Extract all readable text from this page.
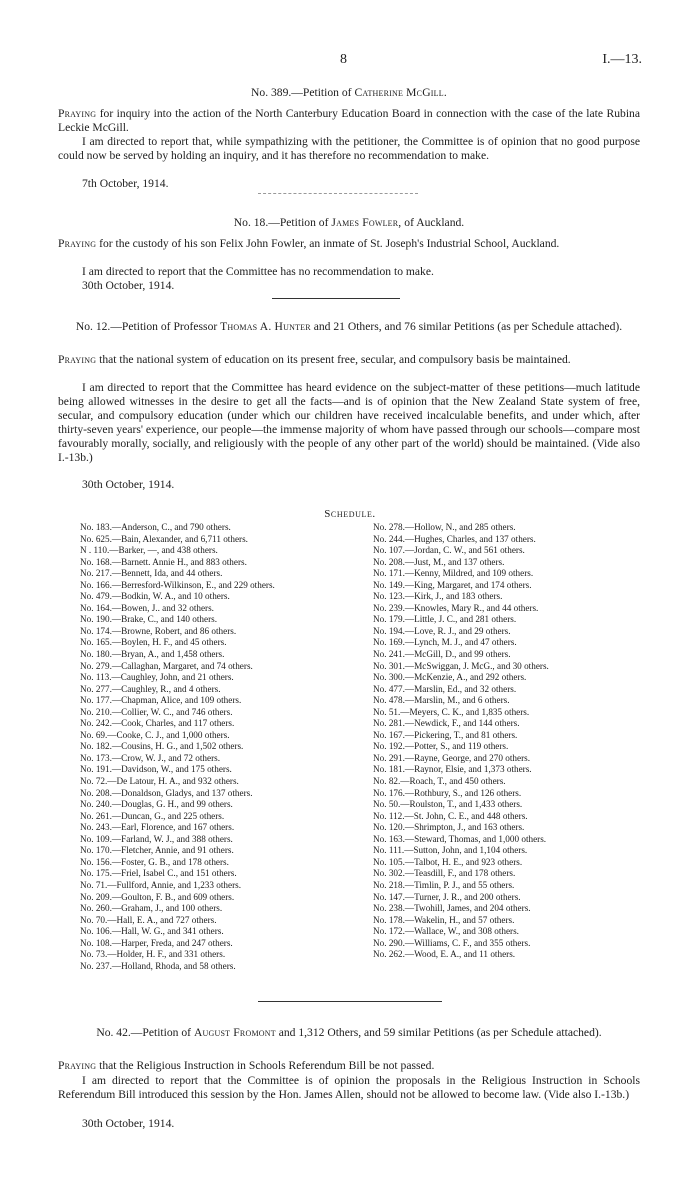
8	I.—13.
No. 389.—Petition of Catherine McGill.
Praying for inquiry into the action of the North Canterbury Education Board in connection with the case of the late Rubina Leckie McGill.
I am directed to report that, while sympathizing with the petitioner, the Committee is of opinion that no good purpose could now be served by holding an inquiry, and it has therefore no recommendation to make.
7th October, 1914.
No. 18.—Petition of James Fowler, of Auckland.
Praying for the custody of his son Felix John Fowler, an inmate of St. Joseph's Industrial School, Auckland.
I am directed to report that the Committee has no recommendation to make.
30th October, 1914.
No. 12.—Petition of Professor Thomas A. Hunter and 21 Others, and 76 similar Petitions (as per Schedule attached).
Praying that the national system of education on its present free, secular, and compulsory basis be maintained.
I am directed to report that the Committee has heard evidence on the subject-matter of these petitions—much latitude being allowed witnesses in the desire to get all the facts—and is of opinion that the New Zealand State system of free, secular, and compulsory education (under which our children have received incalculable benefits, and under which, after thirty-seven years' experience, our people—the immense majority of whom have passed through our schools—compare most favourably morally, socially, and religiously with the people of any other part of the world) should be maintained. (Vide also I.-13b.)
30th October, 1914.
Schedule.
No. 183.—Anderson, C., and 790 others.
No. 625.—Bain, Alexander, and 6,711 others.
N . 110.—Barker, —, and 438 others.
No. 168.—Barnett. Annie H., and 883 others.
No. 217.—Bennett, Ida, and 44 others.
No. 166.—Berresford-Wilkinson, E., and 229 others.
No. 479.—Bodkin, W. A., and 10 others.
No. 164.—Bowen, J.. and 32 others.
No. 190.—Brake, C., and 140 others.
No. 174.—Browne, Robert, and 86 others.
No. 165.—Boylen, H. F., and 45 others.
No. 180.—Bryan, A., and 1,458 others.
No. 279.—Callaghan, Margaret, and 74 others.
No. 113.—Caughley, John, and 21 others.
No. 277.—Caughley, R., and 4 others.
No. 177.—Chapman, Alice, and 109 others.
No. 210.—Collier, W. C., and 746 others.
No. 242.—Cook, Charles, and 117 others.
No. 69.—Cooke, C. J., and 1,000 others.
No. 182.—Cousins, H. G., and 1,502 others.
No. 173.—Crow, W. J., and 72 others.
No. 191.—Davidson, W., and 175 others.
No. 72.—De Latour, H. A., and 932 others.
No. 208.—Donaldson, Gladys, and 137 others.
No. 240.—Douglas, G. H., and 99 others.
No. 261.—Duncan, G., and 225 others.
No. 243.—Earl, Florence, and 167 others.
No. 109.—Farland, W. J., and 388 others.
No. 170.—Fletcher, Annie, and 91 others.
No. 156.—Foster, G. B., and 178 others.
No. 175.—Friel, Isabel C., and 151 others.
No. 71.—Fullford, Annie, and 1,233 others.
No. 209.—Goulton, F. B., and 609 others.
No. 260.—Graham, J., and 100 others.
No. 70.—Hall, E. A., and 727 others.
No. 106.—Hall, W. G., and 341 others.
No. 108.—Harper, Freda, and 247 others.
No. 73.—Holder, H. F., and 331 others.
No. 237.—Holland, Rhoda, and 58 others.
No. 278.—Hollow, N., and 285 others.
No. 244.—Hughes, Charles, and 137 others.
No. 107.—Jordan, C. W., and 561 others.
No. 208.—Just, M., and 137 others.
No. 171.—Kenny, Mildred, and 109 others.
No. 149.—King, Margaret, and 174 others.
No. 123.—Kirk, J., and 183 others.
No. 239.—Knowles, Mary R., and 44 others.
No. 179.—Little, J. C., and 281 others.
No. 194.—Love, R. J., and 29 others.
No. 169.—Lynch, M. J., and 47 others.
No. 241.—McGill, D., and 99 others.
No. 301.—McSwiggan, J. McG., and 30 others.
No. 300.—McKenzie, A., and 292 others.
No. 477.—Marslin, Ed., and 32 others.
No. 478.—Marslin, M., and 6 others.
No. 51.—Meyers, C. K., and 1,835 others.
No. 281.—Newdick, F., and 144 others.
No. 167.—Pickering, T., and 81 others.
No. 192.—Potter, S., and 119 others.
No. 291.—Rayne, George, and 270 others.
No. 181.—Raynor, Elsie, and 1,373 others.
No. 82.—Roach, T., and 450 others.
No. 176.—Rothbury, S., and 126 others.
No. 50.—Roulston, T., and 1,433 others.
No. 112.—St. John, C. E., and 448 others.
No. 120.—Shrimpton, J., and 163 others.
No. 163.—Steward, Thomas, and 1,000 others.
No. 111.—Sutton, John, and 1,104 others.
No. 105.—Talbot, H. E., and 923 others.
No. 302.—Teasdill, F., and 178 others.
No. 218.—Timlin, P. J., and 55 others.
No. 147.—Turner, J. R., and 200 others.
No. 238.—Twohill, James, and 204 others.
No. 178.—Wakelin, H., and 57 others.
No. 172.—Wallace, W., and 308 others.
No. 290.—Williams, C. F., and 355 others.
No. 262.—Wood, E. A., and 11 others.
No. 42.—Petition of August Fromont and 1,312 Others, and 59 similar Petitions (as per Schedule attached).
Praying that the Religious Instruction in Schools Referendum Bill be not passed.
I am directed to report that the Committee is of opinion the proposals in the Religious Instruction in Schools Referendum Bill introduced this session by the Hon. James Allen, should not be allowed to become law. (Vide also I.-13b.)
30th October, 1914.
